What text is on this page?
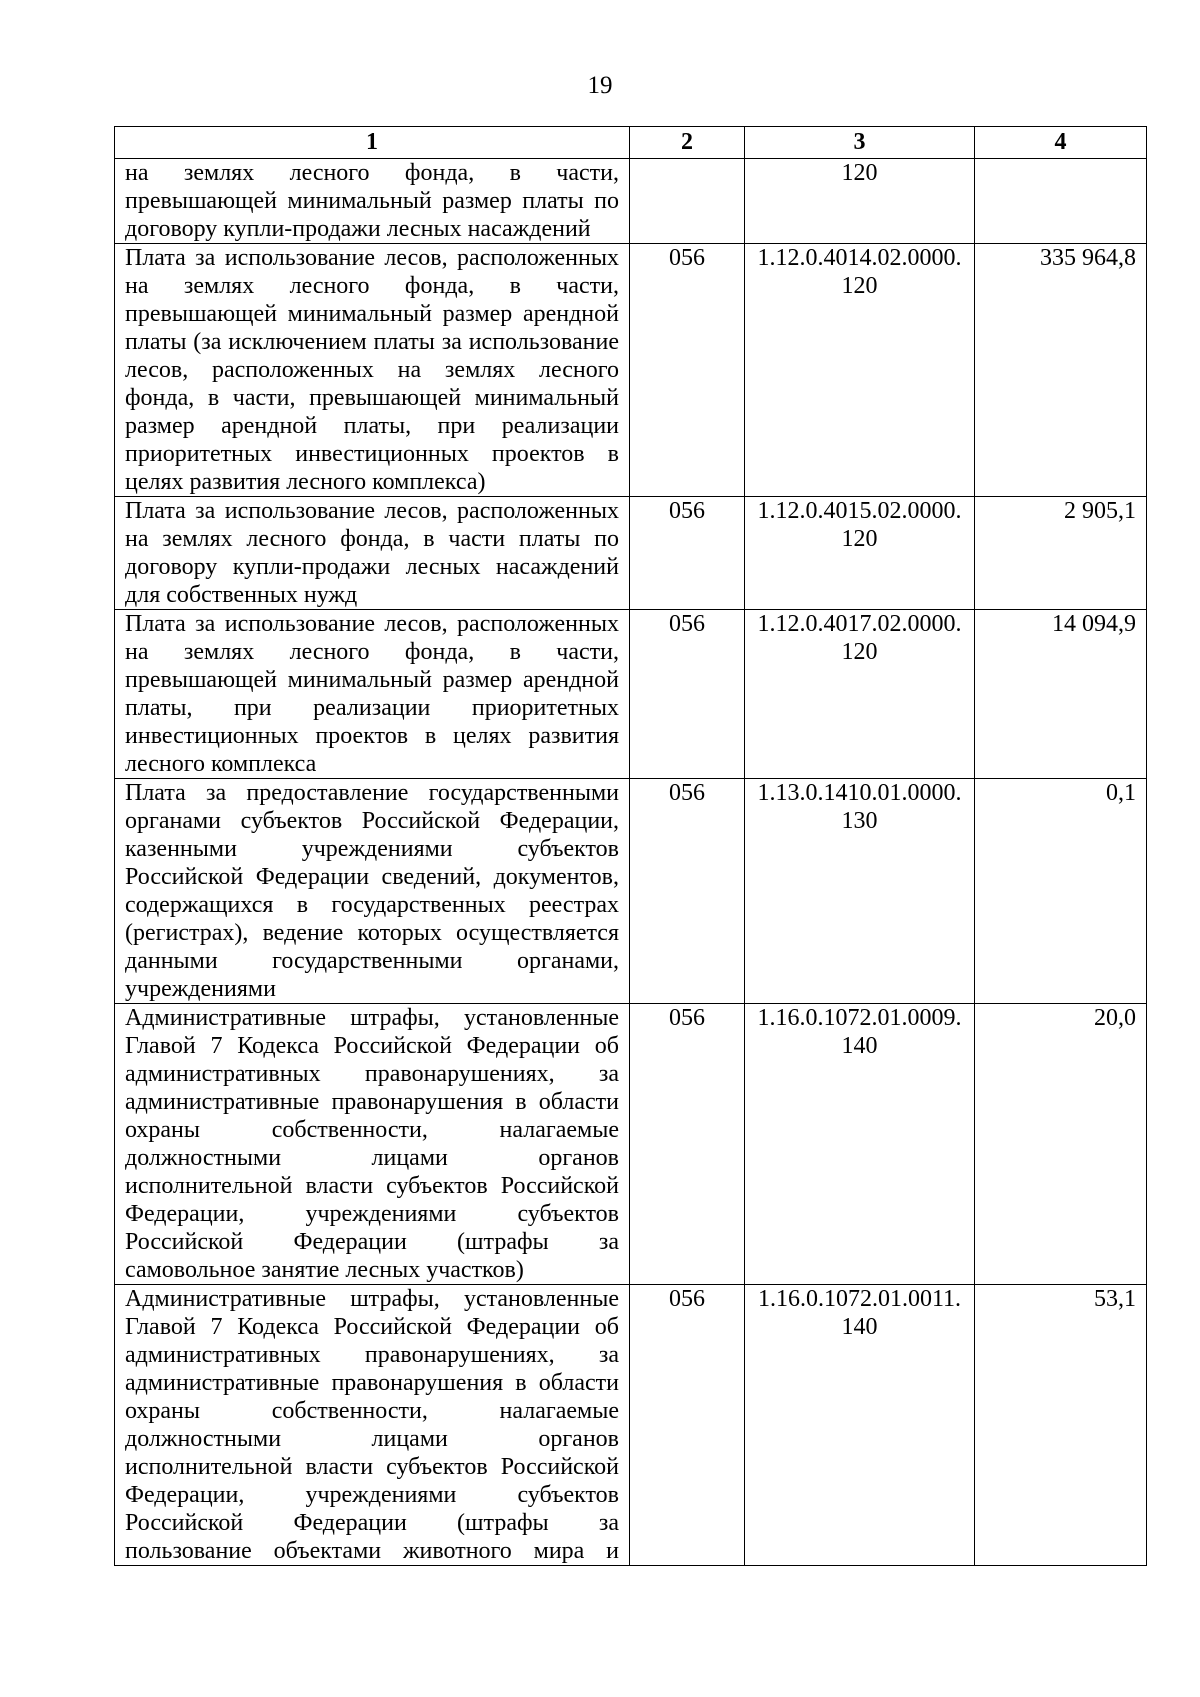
19
1	2	3	4
на землях лесного фонда, в части, превышающей минимальный размер платы по договору купли-продажи лесных насаждений		120	
Плата за использование лесов, расположенных на землях лесного фонда, в части, превышающей минимальный размер арендной платы (за исключением платы за использование лесов, расположенных на землях лесного фонда, в части, превышающей минимальный размер арендной платы, при реализации приоритетных инвестиционных проектов в целях развития лесного комплекса)	056	1.12.0.4014.02.0000. 120	335 964,8
Плата за использование лесов, расположенных на землях лесного фонда, в части платы по договору купли-продажи лесных насаждений для собственных нужд	056	1.12.0.4015.02.0000. 120	2 905,1
Плата за использование лесов, расположенных на землях лесного фонда, в части, превышающей минимальный размер арендной платы, при реализации приоритетных инвестиционных проектов в целях развития лесного комплекса	056	1.12.0.4017.02.0000. 120	14 094,9
Плата за предоставление государственными органами субъектов Российской Федерации, казенными учреждениями субъектов Российской Федерации сведений, документов, содержащихся в государственных реестрах (регистрах), ведение которых осуществляется данными государственными органами, учреждениями	056	1.13.0.1410.01.0000. 130	0,1
Административные штрафы, установленные Главой 7 Кодекса Российской Федерации об административных правонарушениях, за административные правонарушения в области охраны собственности, налагаемые должностными лицами органов исполнительной власти субъектов Российской Федерации, учреждениями субъектов Российской Федерации (штрафы за самовольное занятие лесных участков)	056	1.16.0.1072.01.0009. 140	20,0
Административные штрафы, установленные Главой 7 Кодекса Российской Федерации об административных правонарушениях, за административные правонарушения в области охраны собственности, налагаемые должностными лицами органов исполнительной власти субъектов Российской Федерации, учреждениями субъектов Российской Федерации (штрафы за пользование объектами животного мира и	056	1.16.0.1072.01.0011. 140	53,1
